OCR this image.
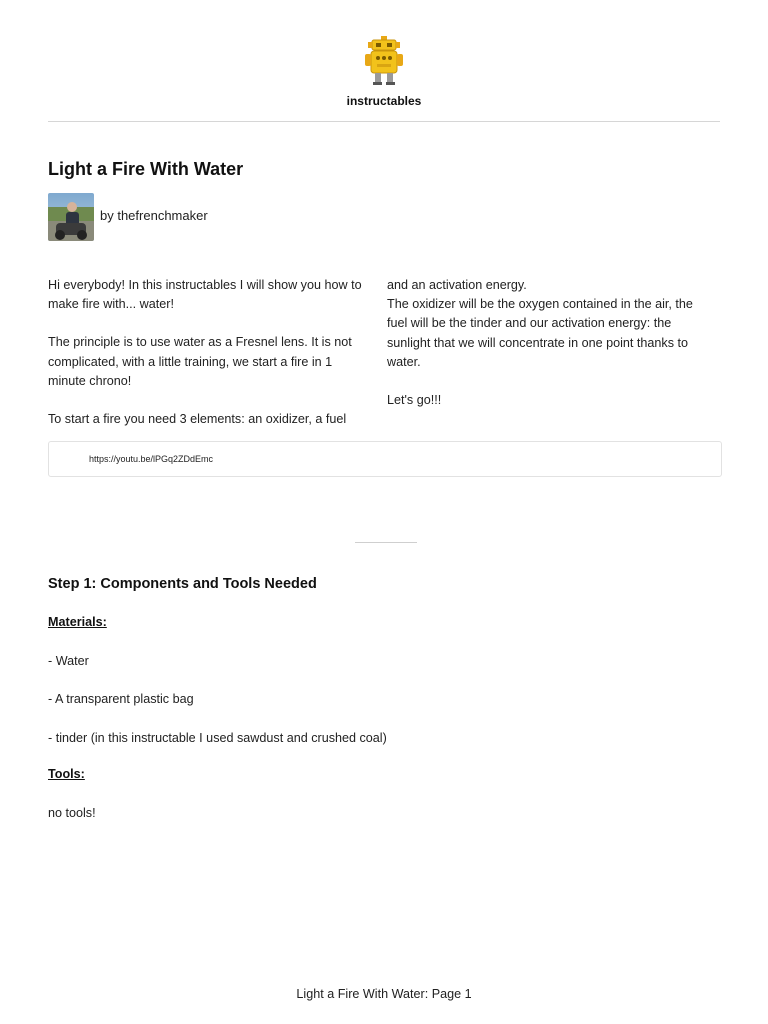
instructables
Light a Fire With Water
by thefrenchmaker

Hi everybody! In this instructables I will show you how to make fire with... water!

The principle is to use water as a Fresnel lens. It is not complicated, with a little training, we start a fire in 1 minute chrono!

To start a fire you need 3 elements: an oxidizer, a fuel

and an activation energy.

The oxidizer will be the oxygen contained in the air, the fuel will be the tinder and our activation energy: the sunlight that we will concentrate in one point thanks to water.

Let's go!!!

https://youtu.be/lPGq2ZDdEmc
Step 1: Components and Tools Needed
Materials:
- Water
- A transparent plastic bag
- tinder (in this instructable I used sawdust and crushed coal)
Tools:
no tools!
Light a Fire With Water: Page 1
